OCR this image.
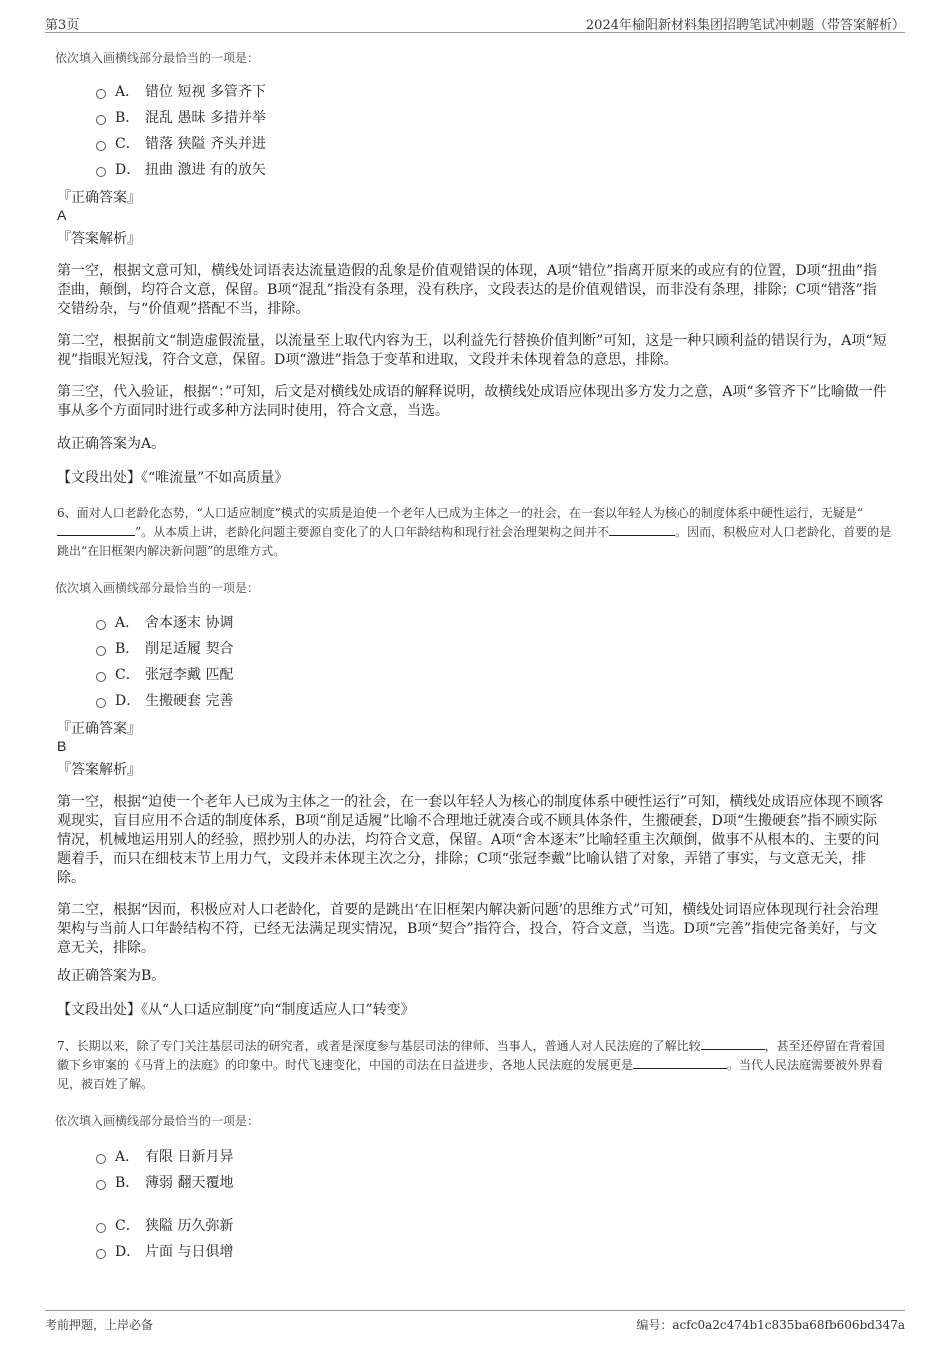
第3页	2024年榆阳新材料集团招聘笔试冲刺题（带答案解析）
依次填入画横线部分最恰当的一项是：
A． 错位 短视 多管齐下
B． 混乱 愚昧 多措并举
C． 错落 狭隘 齐头并进
D． 扭曲 激进 有的放矢
『正确答案』
A
『答案解析』

第一空，根据文意可知，横线处词语表达流量造假的乱象是价值观错误的体现，A项“错位”指离开原来的或应有的位置，D项“扭曲”指歪曲，颠倒，均符合文意，保留。B项“混乱”指没有条理，没有秩序，文段表达的是价值观错误，而非没有条理，排除；C项“错落”指交错纷杂，与“价值观”搭配不当，排除。

第二空，根据前文“制造虚假流量，以流量至上取代内容为王，以利益先行替换价值判断”可知，这是一种只顾利益的错误行为，A项“短视”指眼光短浅，符合文意，保留。D项“激进”指急于变革和进取，文段并未体现着急的意思，排除。

第三空，代入验证，根据“：”可知，后文是对横线处成语的解释说明，故横线处成语应体现出多方发力之意，A项“多管齐下”比喻做一件事从多个方面同时进行或多种方法同时使用，符合文意，当选。

故正确答案为A。

【文段出处】《“唯流量”不如高质量》
6、面对人口老龄化态势，“人口适应制度”模式的实质是迫使一个老年人已成为主体之一的社会，在一套以年轻人为核心的制度体系中硬性运行，无疑是“”。从本质上讲，老龄化问题主要源自变化了的人口年龄结构和现行社会治理架构之间并不	。因而，积极应对人口老龄化，首要的是跳出“在旧框架内解决新问题”的思维方式。
依次填入画横线部分最恰当的一项是：
A． 舍本逐末 协调
B． 削足适履 契合
C． 张冠李戴 匹配
D． 生搬硬套 完善
『正确答案』
B
『答案解析』

第一空，根据“迫使一个老年人已成为主体之一的社会，在一套以年轻人为核心的制度体系中硬性运行”可知，横线处成语应体现不顾客观现实，盲目应用不合适的制度体系，B项“削足适履”比喻不合理地迁就凑合或不顾具体条件，生搬硬套，D项“生搬硬套”指不顾实际情况，机械地运用别人的经验，照抄别人的办法，均符合文意，保留。A项“舍本逐末”比喻轻重主次颠倒，做事不从根本的、主要的问题着手，而只在细枝末节上用力气，文段并未体现主次之分，排除；C项“张冠李戴”比喻认错了对象，弄错了事实，与文意无关，排除。

第二空，根据“因而，积极应对人口老龄化，首要的是跳出‘在旧框架内解决新问题’的思维方式”可知，横线处词语应体现现行社会治理架构与当前人口年龄结构不符，已经无法满足现实情况，B项“契合”指符合，投合，符合文意，当选。D项“完善”指使完备美好，与文意无关，排除。

故正确答案为B。

【文段出处】《从“人口适应制度”向“制度适应人口”转变》
7、长期以来，除了专门关注基层司法的研究者，或者是深度参与基层司法的律师、当事人，普通人对人民法庭的了解比较	，甚至还停留在背着国徽下乡审案的《马背上的法庭》的印象中。时代飞速变化，中国的司法在日益进步，各地人民法庭的发展更是	。当代人民法庭需要被外界看见，被百姓了解。
依次填入画横线部分最恰当的一项是：
A． 有限 日新月异
B． 薄弱 翻天覆地
C． 狭隘 历久弥新
D． 片面 与日俱增
考前押题，上岸必备	编号：acfc0a2c474b1c835ba68fb606bd347a
